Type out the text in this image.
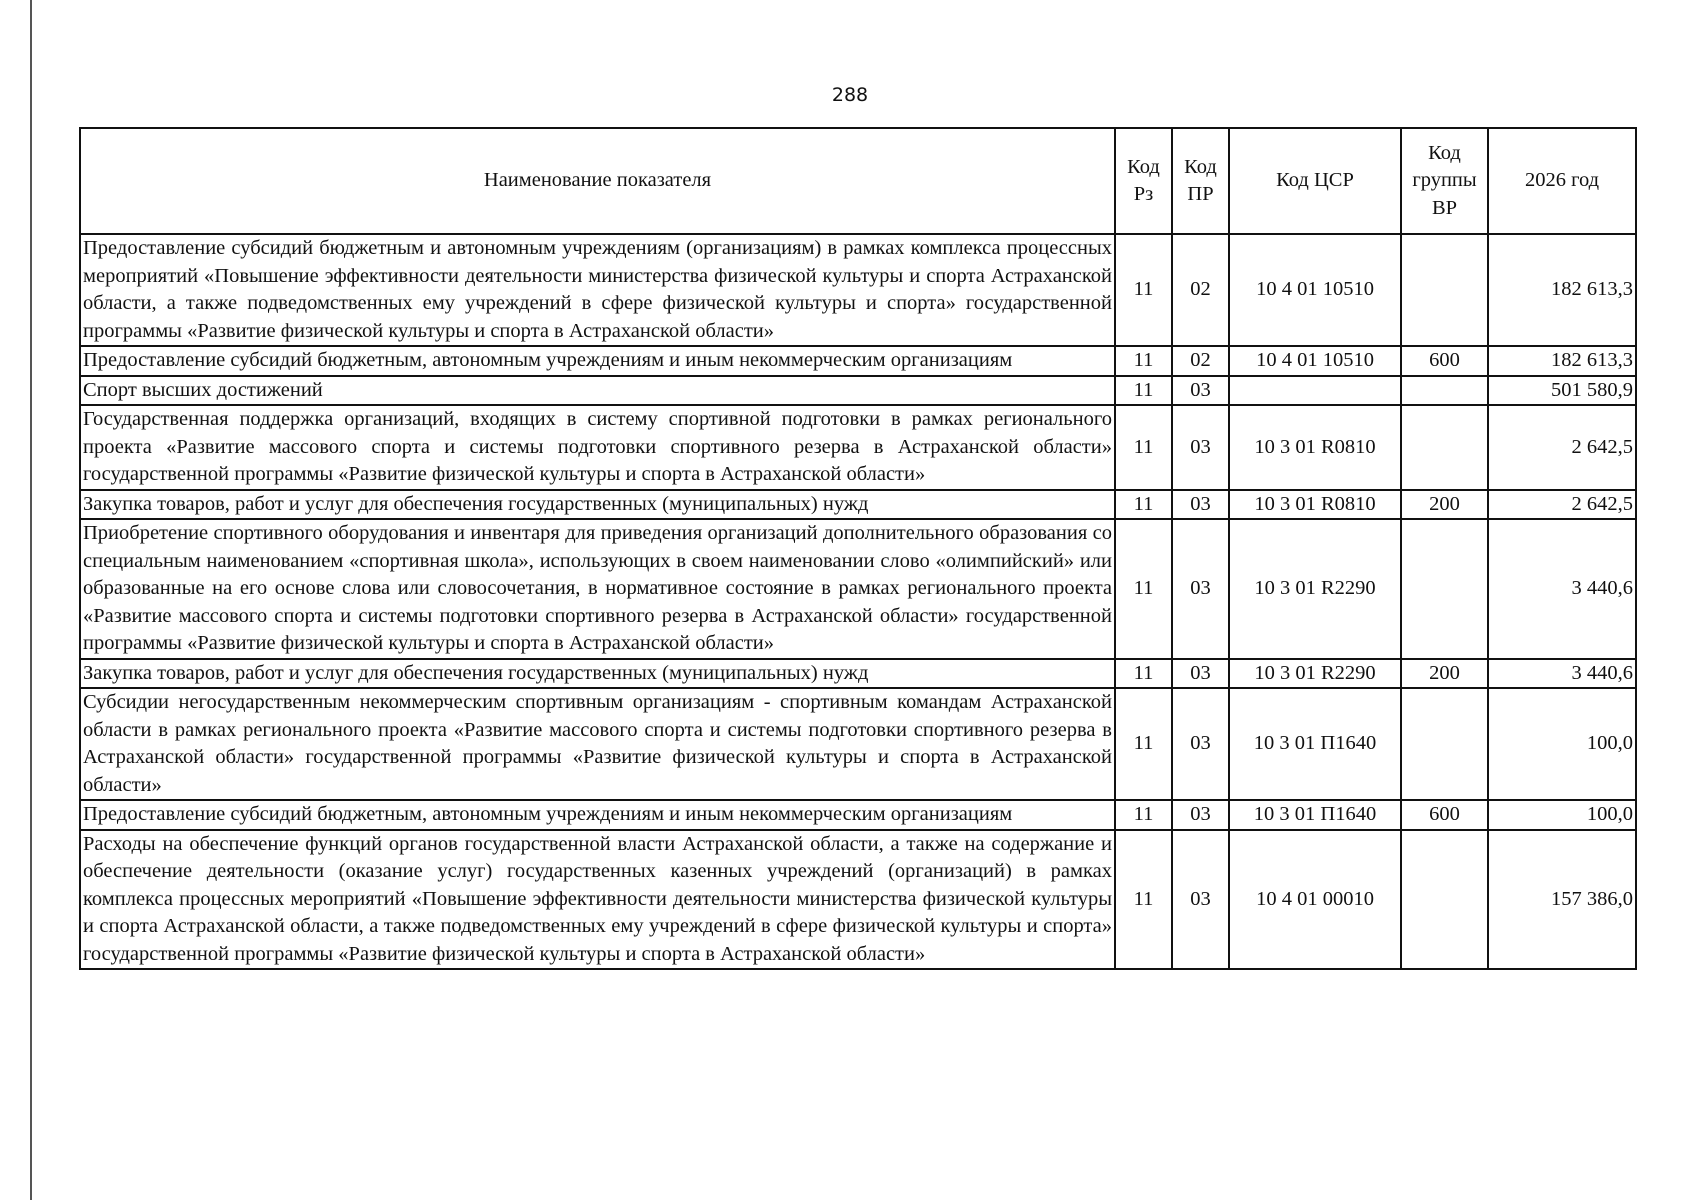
288
Наименование показателя	Код Рз	Код ПР	Код ЦСР	Код группы ВР	2026 год
Предоставление субсидий бюджетным и автономным учреждениям (организациям) в рамках комплекса процессных мероприятий «Повышение эффективности деятельности министерства физической культуры и спорта Астраханской области, а также подведомственных ему учреждений в сфере физической культуры и спорта» государственной программы «Развитие физической культуры и спорта в Астраханской области»	11	02	10 4 01 10510		182 613,3
Предоставление субсидий бюджетным, автономным учреждениям и иным некоммерческим организациям	11	02	10 4 01 10510	600	182 613,3
Спорт высших достижений	11	03			501 580,9
Государственная поддержка организаций, входящих в систему спортивной подготовки в рамках регионального проекта «Развитие массового спорта и системы подготовки спортивного резерва в Астраханской области» государственной программы «Развитие физической культуры и спорта в Астраханской области»	11	03	10 3 01 R0810		2 642,5
Закупка товаров, работ и услуг для обеспечения государственных (муниципальных) нужд	11	03	10 3 01 R0810	200	2 642,5
Приобретение спортивного оборудования и инвентаря для приведения организаций дополнительного образования со специальным наименованием «спортивная школа», использующих в своем наименовании слово «олимпийский» или образованные на его основе слова или словосочетания, в нормативное состояние в рамках регионального проекта «Развитие массового спорта и системы подготовки спортивного резерва в Астраханской области» государственной программы «Развитие физической культуры и спорта в Астраханской области»	11	03	10 3 01 R2290		3 440,6
Закупка товаров, работ и услуг для обеспечения государственных (муниципальных) нужд	11	03	10 3 01 R2290	200	3 440,6
Субсидии негосударственным некоммерческим спортивным организациям - спортивным командам Астраханской области в рамках регионального проекта «Развитие массового спорта и системы подготовки спортивного резерва в Астраханской области» государственной программы «Развитие физической культуры и спорта в Астраханской области»	11	03	10 3 01 П1640		100,0
Предоставление субсидий бюджетным, автономным учреждениям и иным некоммерческим организациям	11	03	10 3 01 П1640	600	100,0
Расходы на обеспечение функций органов государственной власти Астраханской области, а также на содержание и обеспечение деятельности (оказание услуг) государственных казенных учреждений (организаций) в рамках комплекса процессных мероприятий «Повышение эффективности деятельности министерства физической культуры и спорта Астраханской области, а также подведомственных ему учреждений в сфере физической культуры и спорта» государственной программы «Развитие физической культуры и спорта в Астраханской области»	11	03	10 4 01 00010		157 386,0
